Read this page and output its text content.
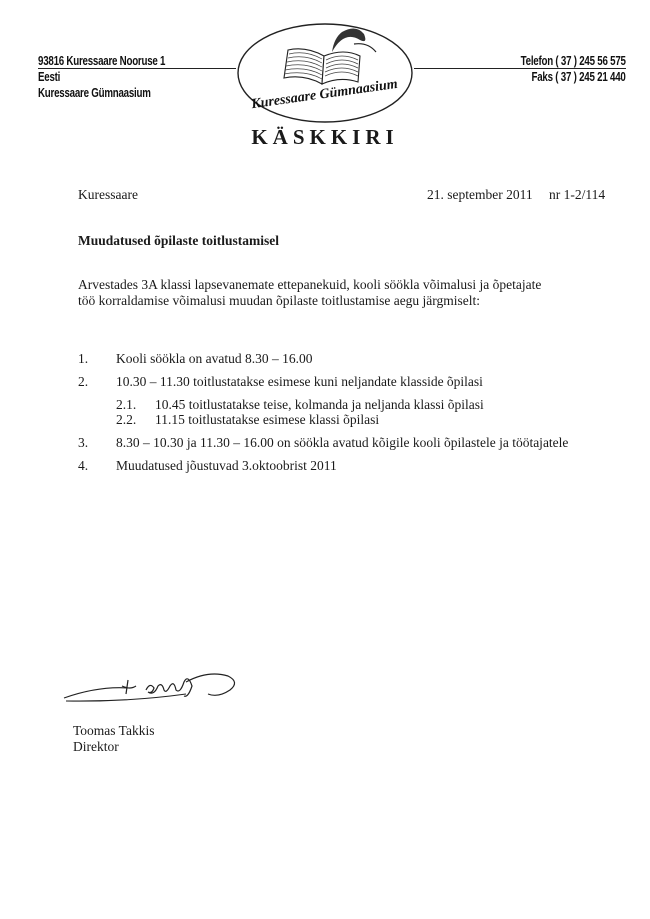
93816 Kuressaare Nooruse 1
Eesti
Kuressaare Gümnaasium
Telefon ( 37 ) 245 56 575
Faks ( 37 ) 245 21 440
Kuressaare Gümnaasium
KÄSKKIRI
Kuressaare	21. september 2011 nr 1-2/114
Muudatused õpilaste toitlustamisel
Arvestades 3A klassi lapsevanemate ettepanekuid, kooli söökla võimalusi ja õpetajate
töö korraldamise võimalusi muudan õpilaste toitlustamise aegu järgmiselt:
1. Kooli söökla on avatud 8.30 – 16.00
2. 10.30 – 11.30 toitlustatakse esimese kuni neljandate klasside õpilasi
2.1. 10.45 toitlustatakse teise, kolmanda ja neljanda klassi õpilasi
2.2. 11.15 toitlustatakse esimese klassi õpilasi
3. 8.30 – 10.30 ja 11.30 – 16.00 on söökla avatud kõigile kooli õpilastele ja töötajatele
4. Muudatused jõustuvad 3.oktoobrist 2011
Toomas Takkis
Direktor
